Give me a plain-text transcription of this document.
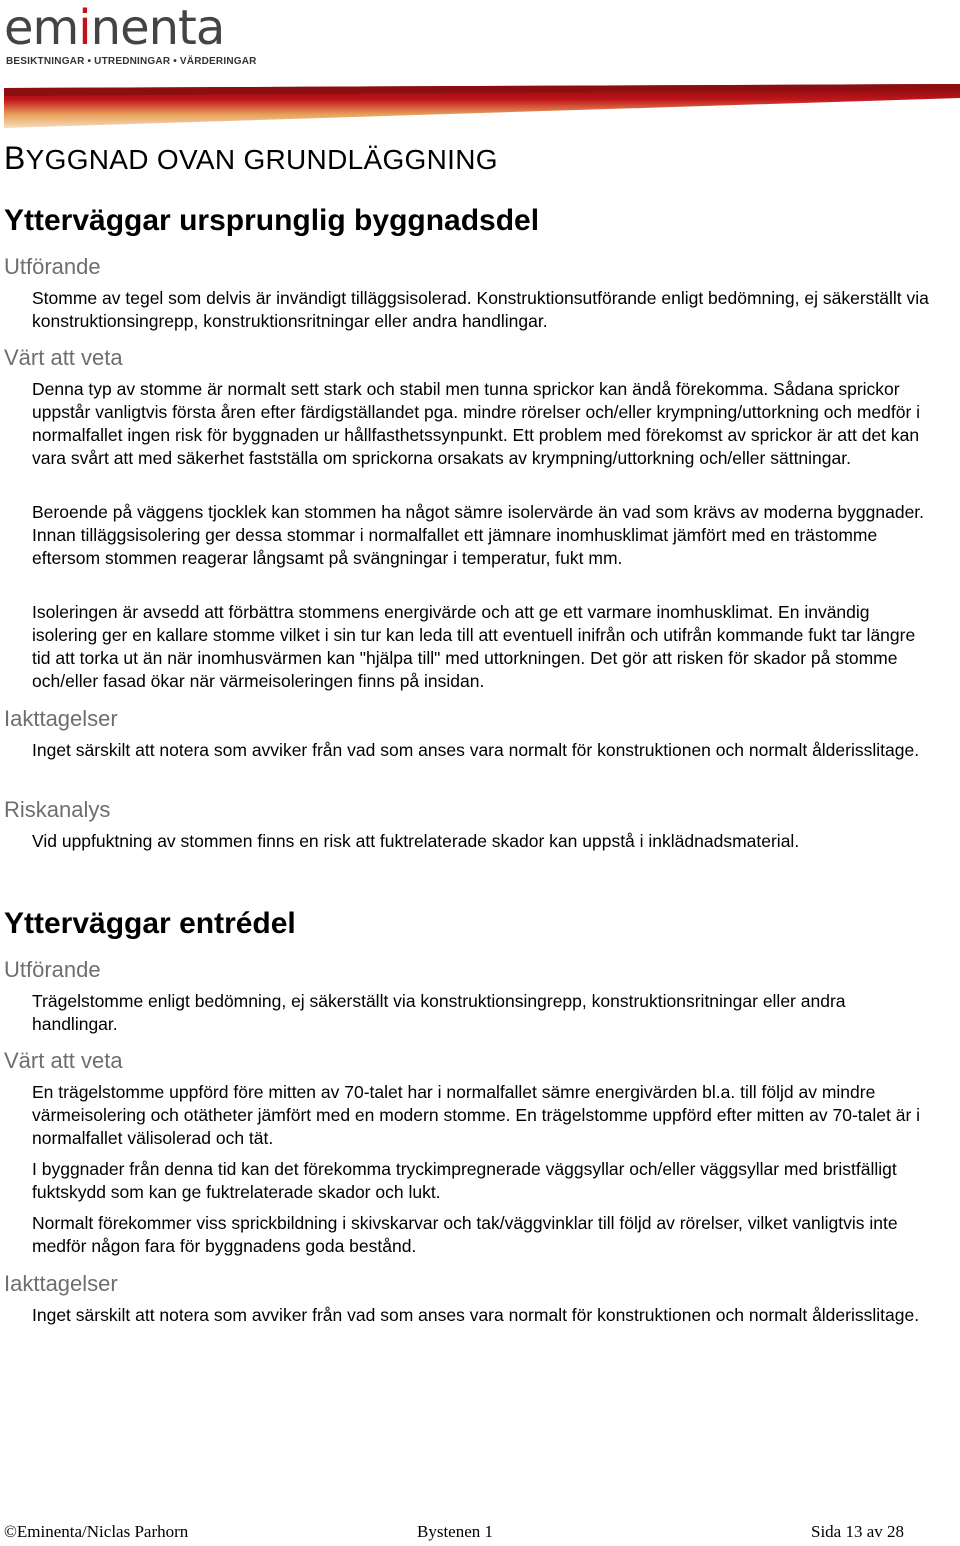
eminenta
BESIKTNINGAR • UTREDNINGAR • VÄRDERINGAR
BYGGNAD OVAN GRUNDLÄGGNING
Ytterväggar ursprunglig byggnadsdel
Utförande

Stomme av tegel som delvis är invändigt tilläggsisolerad. Konstruktionsutförande enligt bedömning, ej säkerställt via konstruktionsingrepp, konstruktionsritningar eller andra handlingar.

Värt att veta

Denna typ av stomme är normalt sett stark och stabil men tunna sprickor kan ändå förekomma. Sådana sprickor uppstår vanligtvis första åren efter färdigställandet pga. mindre rörelser och/eller krympning/uttorkning och medför i normalfallet ingen risk för byggnaden ur hållfasthetssynpunkt. Ett problem med förekomst av sprickor är att det kan vara svårt att med säkerhet fastställa om sprickorna orsakats av krympning/uttorkning och/eller sättningar.

Beroende på väggens tjocklek kan stommen ha något sämre isolervärde än vad som krävs av moderna byggnader. Innan tilläggsisolering ger dessa stommar i normalfallet ett jämnare inomhusklimat jämfört med en trästomme eftersom stommen reagerar långsamt på svängningar i temperatur, fukt mm.

Isoleringen är avsedd att förbättra stommens energivärde och att ge ett varmare inomhusklimat. En invändig isolering ger en kallare stomme vilket i sin tur kan leda till att eventuell inifrån och utifrån kommande fukt tar längre tid att torka ut än när inomhusvärmen kan "hjälpa till" med uttorkningen. Det gör att risken för skador på stomme och/eller fasad ökar när värmeisoleringen finns på insidan.

Iakttagelser

Inget särskilt att notera som avviker från vad som anses vara normalt för konstruktionen och normalt ålderisslitage.

Riskanalys

Vid uppfuktning av stommen finns en risk att fuktrelaterade skador kan uppstå i inklädnadsmaterial.

Ytterväggar entrédel
Utförande

Trägelstomme enligt bedömning, ej säkerställt via konstruktionsingrepp, konstruktionsritningar eller andra handlingar.

Värt att veta

En trägelstomme uppförd före mitten av 70-talet har i normalfallet sämre energivärden bl.a. till följd av mindre värmeisolering och otätheter jämfört med en modern stomme. En trägelstomme uppförd efter mitten av 70-talet är i normalfallet välisolerad och tät.

I byggnader från denna tid kan det förekomma tryckimpregnerade väggsyllar och/eller väggsyllar med bristfälligt fuktskydd som kan ge fuktrelaterade skador och lukt.

Normalt förekommer viss sprickbildning i skivskarvar och tak/väggvinklar till följd av rörelser, vilket vanligtvis inte medför någon fara för byggnadens goda bestånd.

Iakttagelser

Inget särskilt att notera som avviker från vad som anses vara normalt för konstruktionen och normalt ålderisslitage.

©Eminenta/Niclas Parhorn	Bystenen 1	Sida 13 av 28
